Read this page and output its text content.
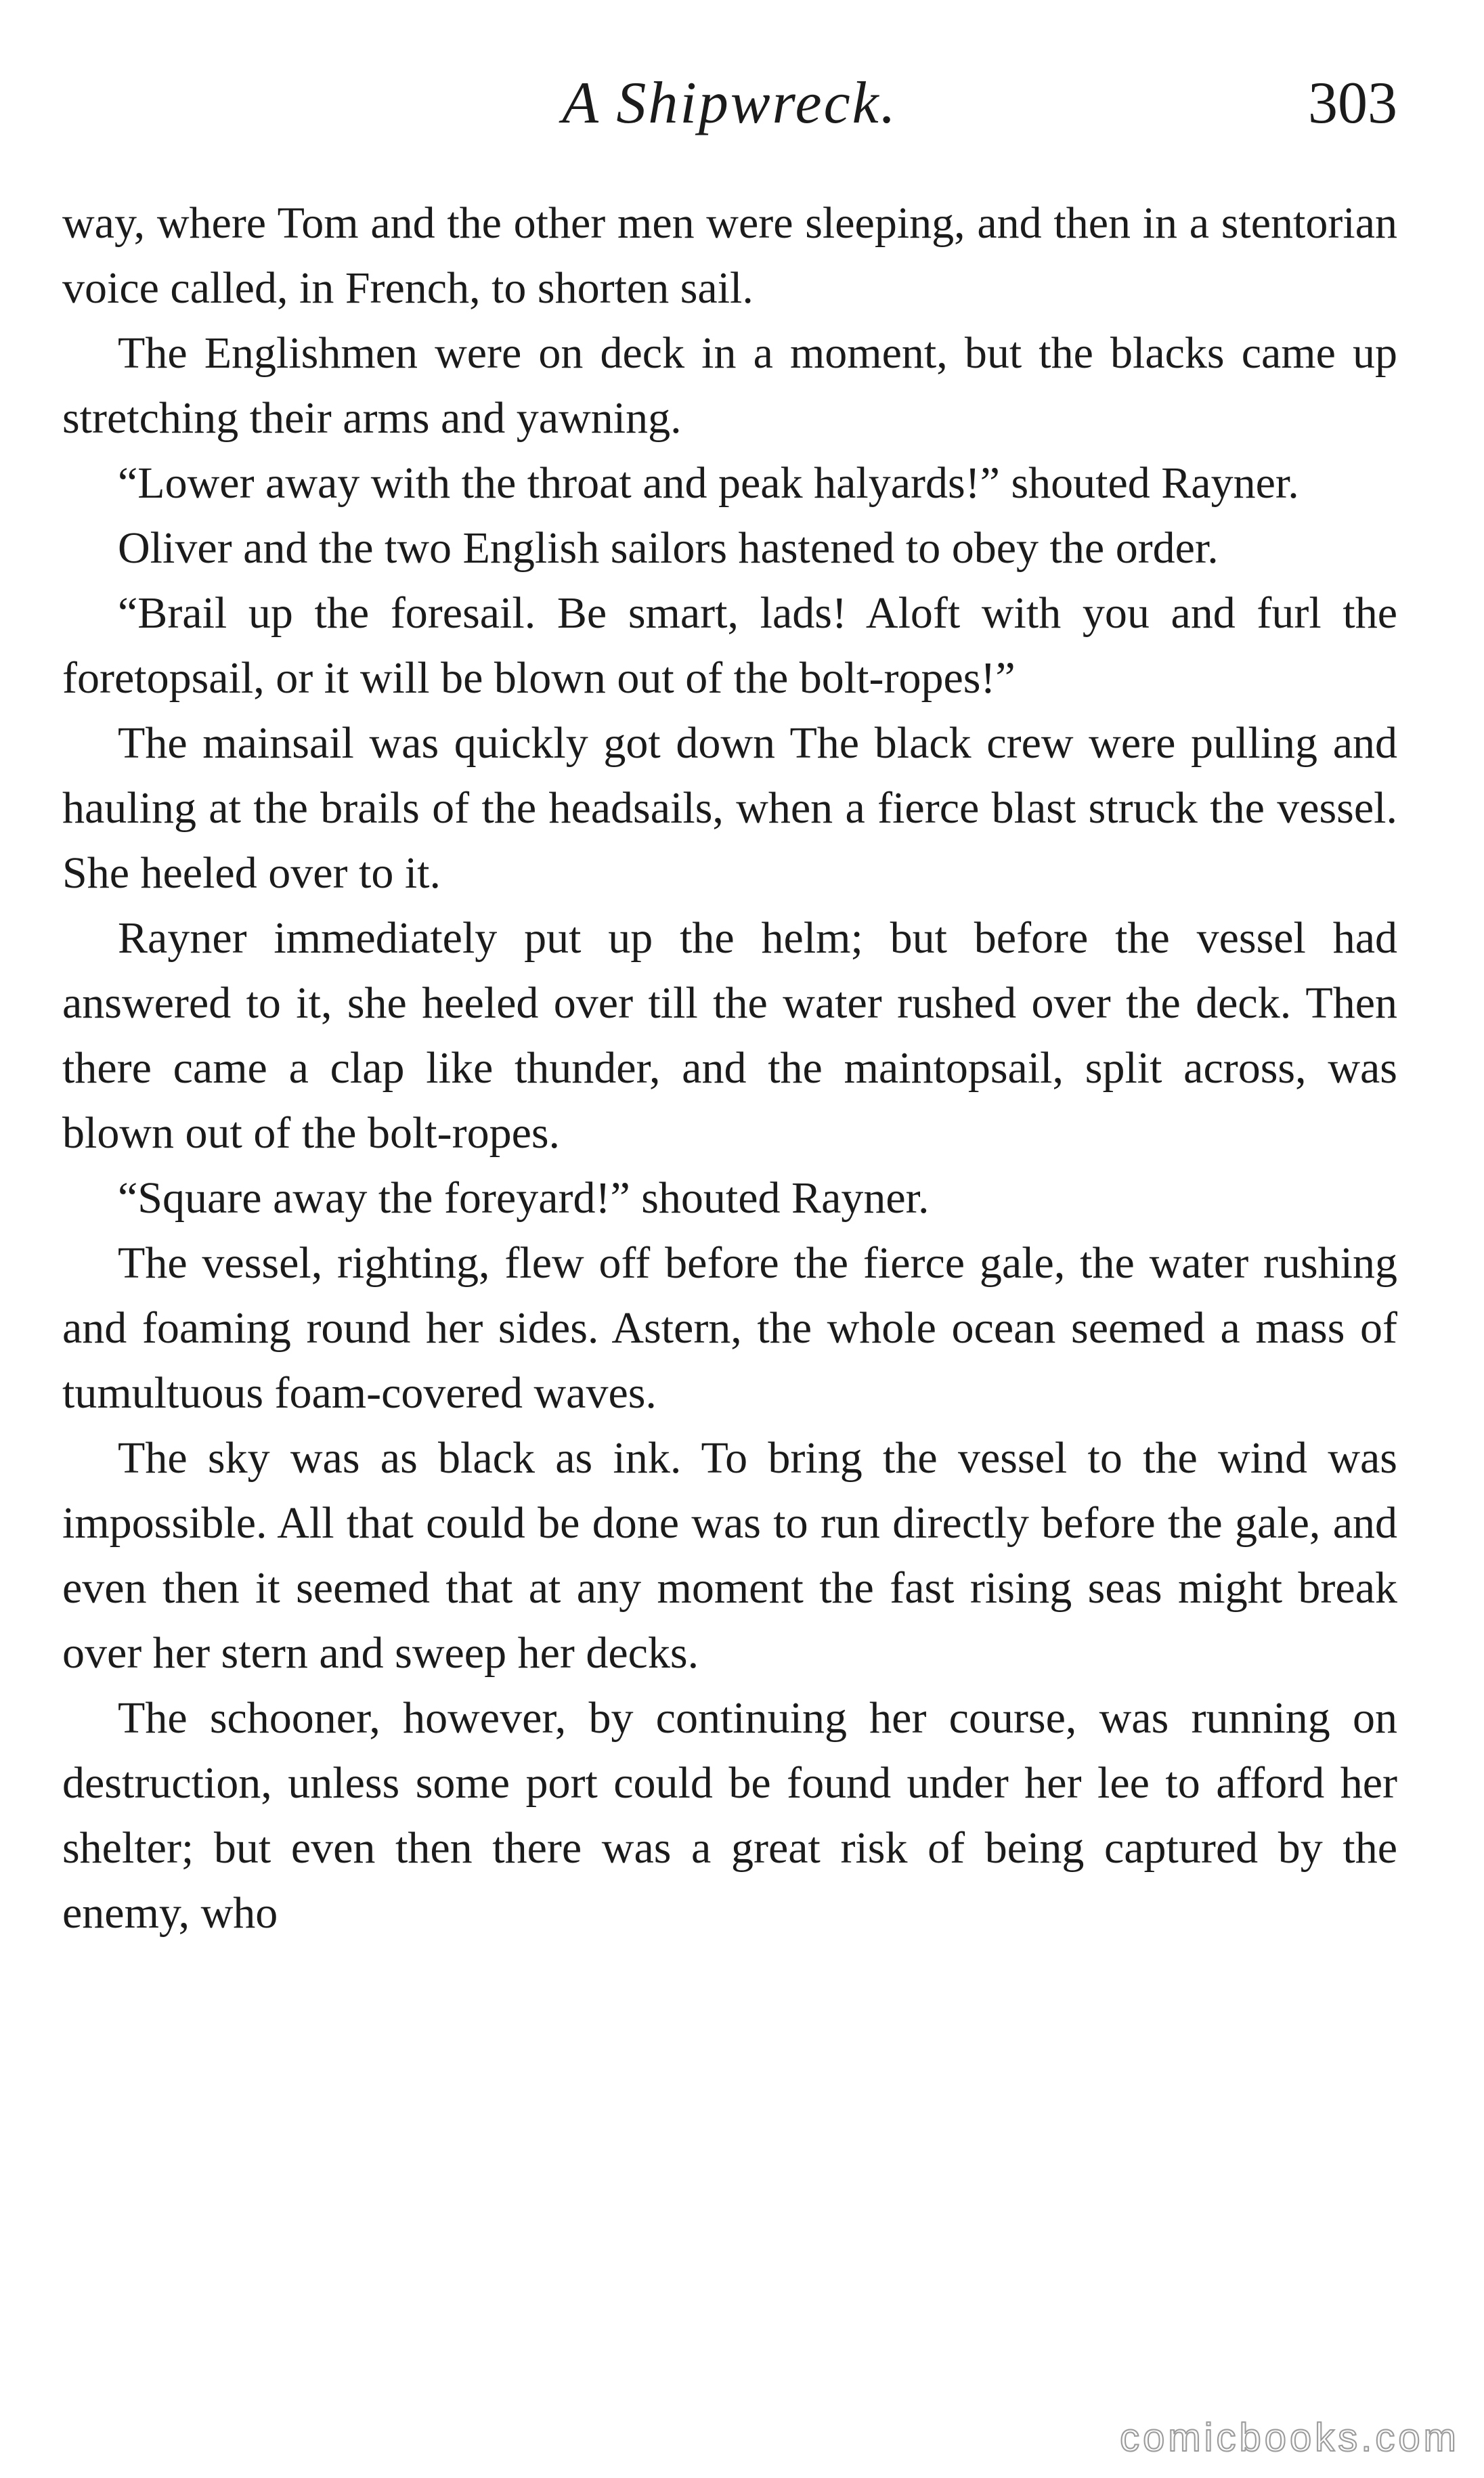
A Shipwreck.	303

way, where Tom and the other men were sleeping, and then in a stentorian voice called, in French, to shorten sail.

The Englishmen were on deck in a moment, but the blacks came up stretching their arms and yawning.

“Lower away with the throat and peak halyards!” shouted Rayner.

Oliver and the two English sailors hastened to obey the order.

“Brail up the foresail. Be smart, lads! Aloft with you and furl the foretopsail, or it will be blown out of the bolt-ropes!”

The mainsail was quickly got down The black crew were pulling and hauling at the brails of the headsails, when a fierce blast struck the vessel. She heeled over to it.

Rayner immediately put up the helm; but before the vessel had answered to it, she heeled over till the water rushed over the deck. Then there came a clap like thunder, and the maintopsail, split across, was blown out of the bolt-ropes.

“Square away the foreyard!” shouted Rayner.

The vessel, righting, flew off before the fierce gale, the water rushing and foaming round her sides. Astern, the whole ocean seemed a mass of tumultuous foam-covered waves.

The sky was as black as ink. To bring the vessel to the wind was impossible. All that could be done was to run directly before the gale, and even then it seemed that at any moment the fast rising seas might break over her stern and sweep her decks.

The schooner, however, by continuing her course, was running on destruction, unless some port could be found under her lee to afford her shelter; but even then there was a great risk of being captured by the enemy, who

comicbooks.com
